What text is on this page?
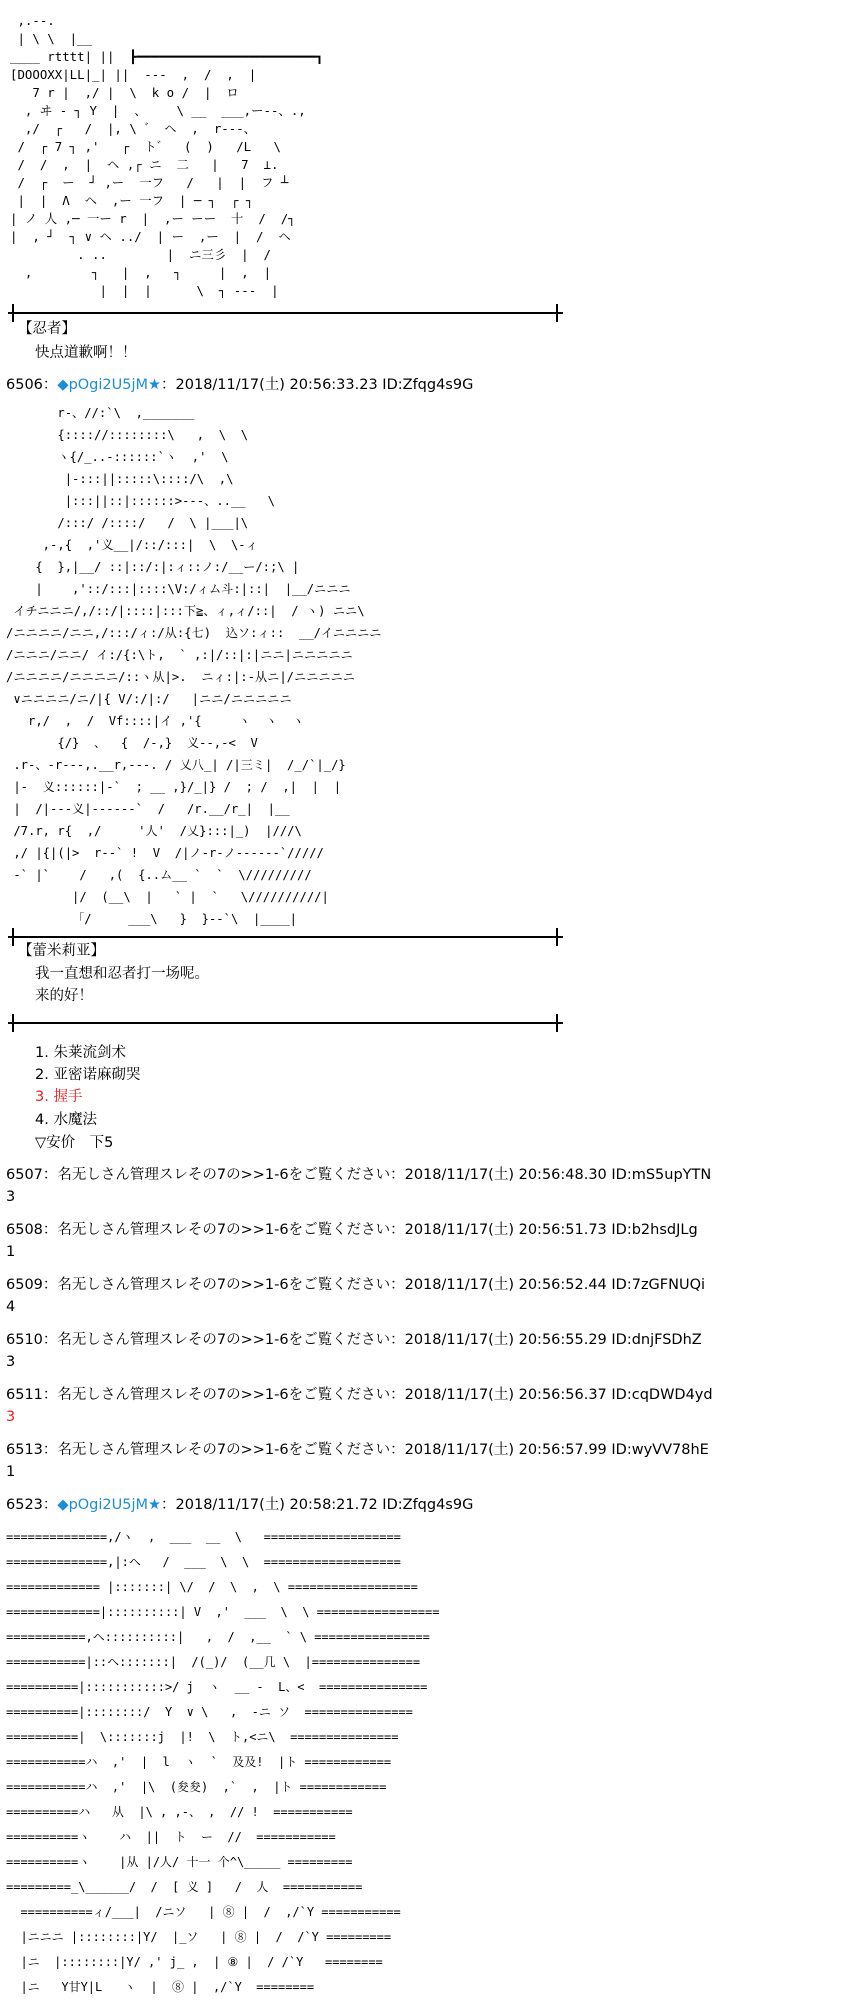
,.--.
| \ \  |__
____ rtttt| ||  ┣━━━━━━━━━━━━━━━━━━━━━━━━┓
[DOOOXX|LL|_| ||  ---  ,  /  ,  |
7 r |  ,/ |  \  k o /  |  ロ
, ヰ - ┐ Y  |  、    \ __  ___,ー--、.,
,/  ┌   /  |, \ ゛ ヘ  ,  r---、
/  ┌ 7 ┐ ,'   ┌  ト゛  (  )   /L   \
/  /  ,  |  ヘ ,┌ ニ  二   |   7  ⊥.
/  ┌  ー  ┘ ,ー  一フ   /   |  |  フ ┴
|  |  Λ  ヘ  ,ー 一フ  | ─ ┐  ┌ ┐
| ノ 人 ,─ 一ー r  |  ,ー ーー  十  /  /┐
|  , ┘  ┐ ∨ ヘ ../  | ー  ,ー  |  /  ヘ
. ..        |  ニ三彡  |  /
,        ┐   |  ,   ┐     |  ,  |
|  |  |      \  ┐ ---  |
【忍者】
快点道歉啊！！
6506：◆pOgi2U5jM★：2018/11/17(土) 20:56:33.23 ID:Zfqg4s9G
r-、//:`\  ,_______
{:::://::::::::\   ,  \  \
ヽ{/_..-::::::`ヽ  ,'  \
|-:::||:::::\::::/\  ,\
|:::||::|::::::>---、..__   \
/:::/ /::::/   /  \ |___|\
,-,{  ,'义__|/::/:::|  \  \-ィ
{  },|__/ ::|::/:|:ィ::ノ:/__ー/:;\ |
|    ,'::/:::|::::\V:/ィム斗:|::|  |__/ニニニ
イチニニニ/,/::/|::::|:::下≧、ィ,ィ/::|  / ヽ) ニニ\
/ニニニニ/ニニ,/:::/ィ:/从:{七)  込ソ:ィ::  __/イニニニニ
/ニニニ/ニニ/ イ:/{:\ト,  ` ,:|/::|:|ニニ|ニニニニニ
/ニニニニ/ニニニニ/::ヽ从|>.  ニィ:|:-从ニ|/ニニニニニ
∨ニニニニ/ニ/|{ V/:/|:/   |ニニ/ニニニニニ
r,/  ,  /  Vf::::|イ ,'{     ヽ  ヽ  ヽ
{/}  、  {  /-,}  义--,-<  V
.r-、-r---,.__r,---. / 乂八_| /|三ミ|  /_/`|_/}
|-  义::::::|-`  ; __ ,}/_|} /  ; /  ,|  |  |
|  /|---义|------`  /   /r.__/r_|  |__
/7.r, r{  ,/     '人'  /乂}:::|_)  |///\
,/ |{|(|>  r--` !  V  /|ノ-r-ノ------`/////
-` |`    /   ,(  {..ム__ `  `  \/////////
|/  (__\  |   ` |  `   \//////////|
「/     ___\   }  }--`\  |____|
【蕾米莉亚】
我一直想和忍者打一场呢。
来的好！
1. 朱莱流剑术
2. 亚密诺麻砌哭
3. 握手
4. 水魔法
▽安价　下5
6507：名无しさん管理スレその7の>>1-6をご覧ください：2018/11/17(土) 20:56:48.30 ID:mS5upYTN
3
6508：名无しさん管理スレその7の>>1-6をご覧ください：2018/11/17(土) 20:56:51.73 ID:b2hsdJLg
1
6509：名无しさん管理スレその7の>>1-6をご覧ください：2018/11/17(土) 20:56:52.44 ID:7zGFNUQi
4
6510：名无しさん管理スレその7の>>1-6をご覧ください：2018/11/17(土) 20:56:55.29 ID:dnjFSDhZ
3
6511：名无しさん管理スレその7の>>1-6をご覧ください：2018/11/17(土) 20:56:56.37 ID:cqDWD4yd
3
6513：名无しさん管理スレその7の>>1-6をご覧ください：2018/11/17(土) 20:56:57.99 ID:wyVV78hE
1
6523：◆pOgi2U5jM★：2018/11/17(土) 20:58:21.72 ID:Zfqg4s9G
==============,/ヽ  ,  ___  __  \   ===================
==============,|:ヘ   /  ___  \  \  ===================
============= |:::::::| \/  /  \  ,  \ ==================
=============|::::::::::| V  ,'  ___  \  \ =================
===========,ヘ::::::::::|   ,  /  ,__  ` \ ================
===========|::ヘ:::::::|  /(_)/  (__几 \  |===============
==========|:::::::::::>/ j  ヽ  __ -  L、<  ===============
==========|::::::::/  Y  ∨ \   ,  -ニ ソ  ===============
==========|  \:::::::j  |!  \  ト,<ニ\  ===============
===========ハ  ,'  |  l  ヽ  `  及及!  |ト ============
===========ハ  ,'  |\  (夋夋)  ,`  ,  |ト ============
==========ハ   从  |\ , ,-、 ,  // !  ===========
==========ヽ    ハ  ||  ト  ー  //  ===========
==========ヽ    |从 |/人/ 十一 个^\_____ =========
=========_\______/  /  [ 义 ]   /  人  ===========
==========ィ/___|  /ニソ   | ⑧ |  /  ,/`Y ===========
|ニニニ |::::::::|Y/  |_ソ   | ⑧ |  /  /`Y =========
|ニ  |::::::::|Y/ ,' j_ ,  | ⑧ |  / /`Y   ========
|ニ   Y甘Y|L   ヽ  |  ⑧ |  ,/`Y  ========
